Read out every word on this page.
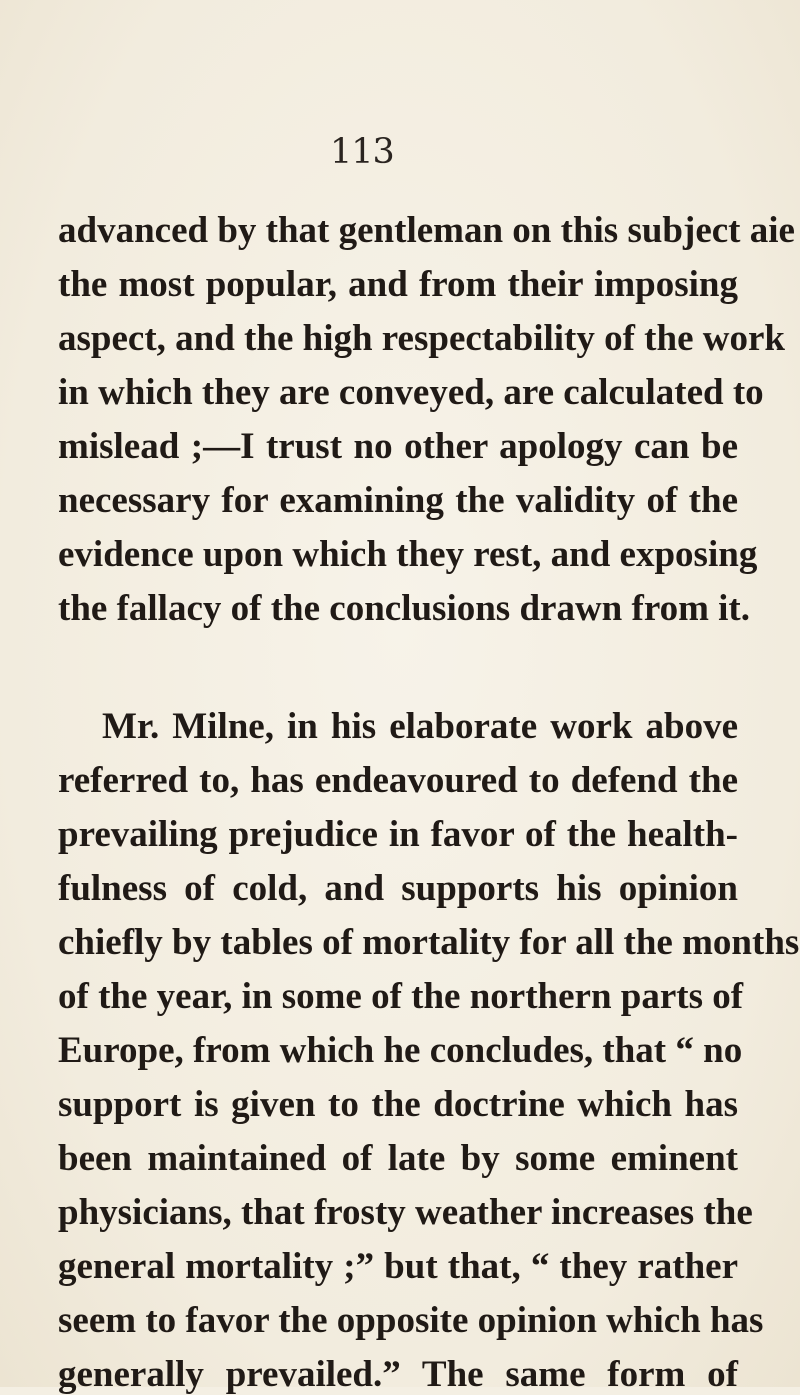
113
advanced by that gentleman on this subject aie
the most popular, and from their imposing
aspect, and the high respectability of the work
in which they are conveyed, are calculated to
mislead ;—I trust no other apology can be
necessary for examining the validity of the
evidence upon which they rest, and exposing
the fallacy of the conclusions drawn from it.
Mr. Milne, in his elaborate work above
referred to, has endeavoured to defend the
prevailing prejudice in favor of the health-
fulness of cold, and supports his opinion
chiefly by tables of mortality for all the months
of the year, in some of the northern parts of
Europe, from which he concludes, that “ no
support is given to the doctrine which has
been maintained of late by some eminent
physicians, that frosty weather increases the
general mortality ;” but that, “ they rather
seem to favor the opposite opinion which has
generally prevailed.” The same form of
